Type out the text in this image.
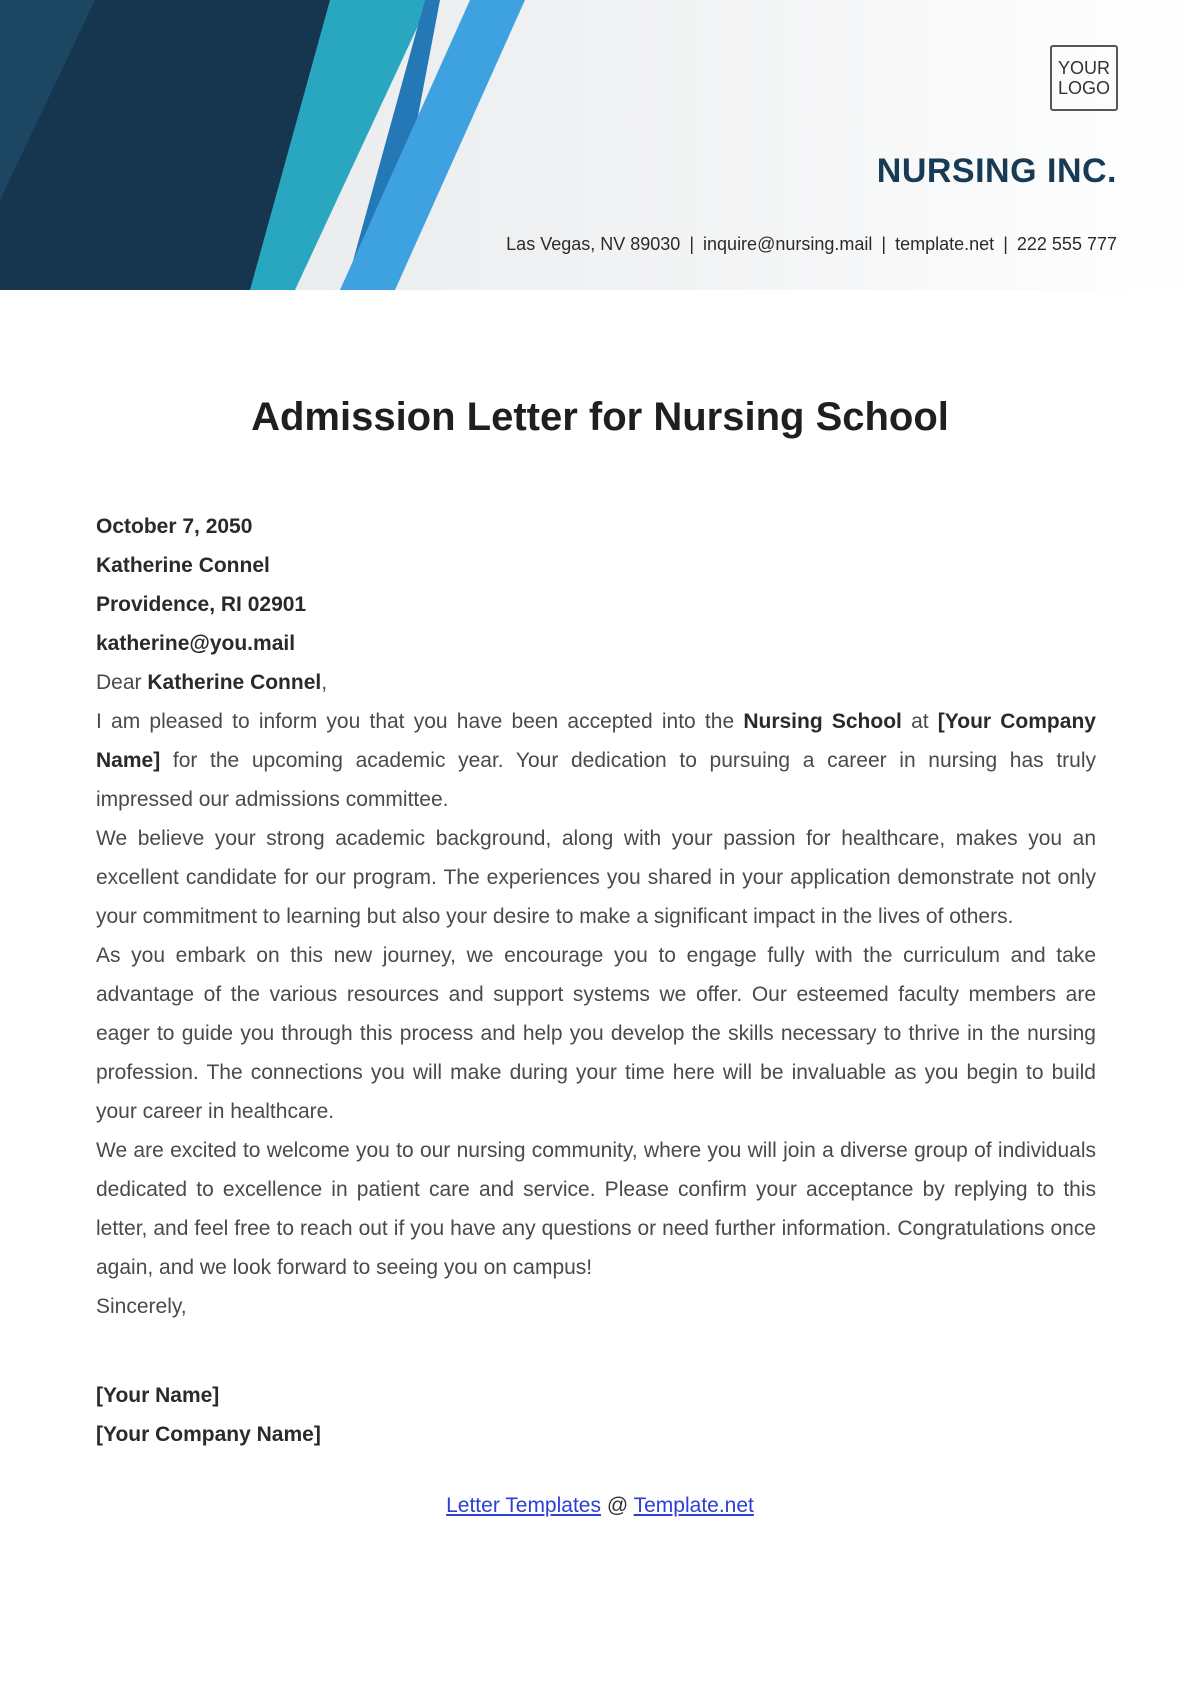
YOUR
LOGO
NURSING INC.
Las Vegas, NV 89030 | inquire@nursing.mail | template.net | 222 555 777
Admission Letter for Nursing School

October 7, 2050

Katherine Connel

Providence, RI 02901

katherine@you.mail

Dear Katherine Connel,

I am pleased to inform you that you have been accepted into the Nursing School at [Your Company Name] for the upcoming academic year. Your dedication to pursuing a career in nursing has truly impressed our admissions committee.

We believe your strong academic background, along with your passion for healthcare, makes you an excellent candidate for our program. The experiences you shared in your application demonstrate not only your commitment to learning but also your desire to make a significant impact in the lives of others.

As you embark on this new journey, we encourage you to engage fully with the curriculum and take advantage of the various resources and support systems we offer. Our esteemed faculty members are eager to guide you through this process and help you develop the skills necessary to thrive in the nursing profession. The connections you will make during your time here will be invaluable as you begin to build your career in healthcare.

We are excited to welcome you to our nursing community, where you will join a diverse group of individuals dedicated to excellence in patient care and service. Please confirm your acceptance by replying to this letter, and feel free to reach out if you have any questions or need further information. Congratulations once again, and we look forward to seeing you on campus!

Sincerely,

[Your Name]

[Your Company Name]

Letter Templates @ Template.net
